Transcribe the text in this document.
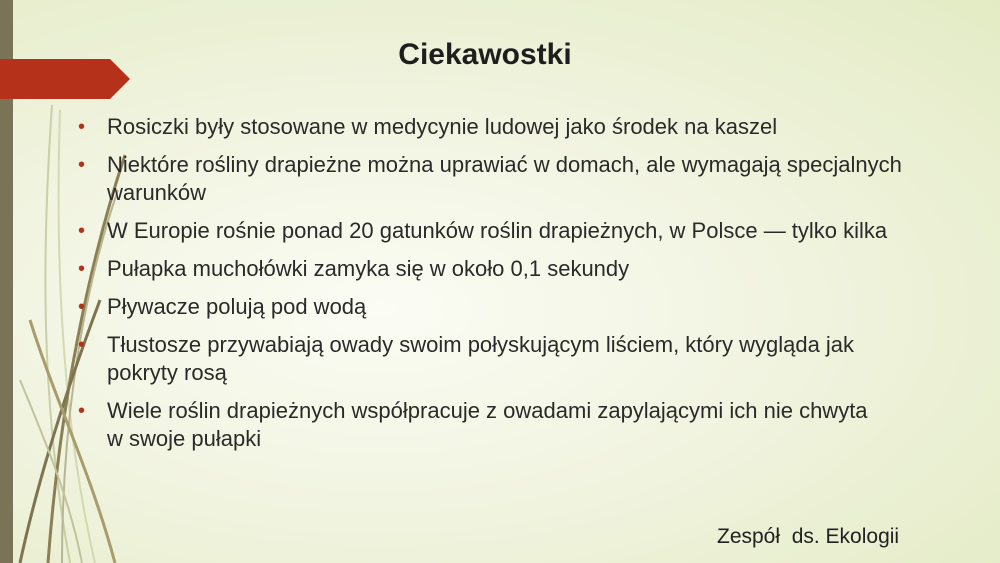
Ciekawostki
• Rosiczki były stosowane w medycynie ludowej jako środek na kaszel
• Niektóre rośliny drapieżne można uprawiać w domach, ale wymagają specjalnych
warunków
• W Europie rośnie ponad 20 gatunków roślin drapieżnych, w Polsce — tylko kilka
• Pułapka muchołówki zamyka się w około 0,1 sekundy
• Pływacze polują pod wodą
• Tłustosze przywabiają owady swoim połyskującym liściem, który wygląda jak
pokryty rosą
• Wiele roślin drapieżnych współpracuje z owadami zapylającymi ich nie chwyta
w swoje pułapki
Zespół  ds. Ekologii
